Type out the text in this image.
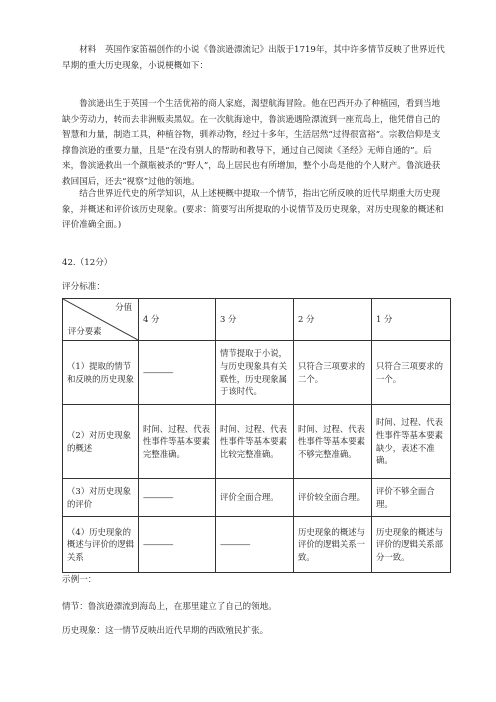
材料　英国作家笛福创作的小说《鲁滨逊漂流记》出版于1719年，其中许多情节反映了世界近代早期的重大历史现象，小说梗概如下：

鲁滨逊出生于英国一个生活优裕的商人家庭，渴望航海冒险。他在巴西开办了种植园，看到当地缺少劳动力，转而去非洲贩卖黑奴。在一次航海途中，鲁滨逊遇险漂流到一座荒岛上，他凭借自己的智慧和力量，制造工具，种植谷物，驯养动物，经过十多年，生活居然“过得很富裕”。宗教信仰是支撑鲁滨逊的重要力量，且是“在没有别人的帮助和教导下，通过自己阅读《圣经》无师自通的”。后来，鲁滨逊救出一个颜瓶被杀的“野人”，岛上居民也有所增加，整个小岛是他的个人财产。鲁滨逊获救回国后，还去“视察”过他的领地。

结合世界近代史的所学知识，从上述梗概中提取一个情节，指出它所反映的近代早期重大历史现象，并概述和评价该历史现象。(要求：简要写出所提取的小说情节及历史现象，对历史现象的概述和评价准确全面。)

42.（12分）
评分标准：
分值
评分要素	4 分	3 分	2 分	1 分
（1）提取的情节和反映的历史现象	————	情节提取于小说，与历史现象具有关联性，历史现象属于该时代。	只符合三项要求的二个。	只符合三项要求的一个。
（2）对历史现象的概述	时间、过程、代表性事件等基本要素完整准确。	时间、过程、代表性事件等基本要素比较完整准确。	时间、过程、代表性事件等基本要素不够完整准确。	时间、过程、代表性事件等基本要素缺少，表述不准确。
（3）对历史现象的评价	————	评价全面合理。	评价较全面合理。	评价不够全面合理。
（4）历史现象的概述与评价的逻辑关系	————	————	历史现象的概述与评价的逻辑关系一致。	历史现象的概述与评价的逻辑关系部分一致。
示例一：
情节：鲁滨逊漂流到海岛上，在那里建立了自己的领地。
历史现象：这一情节反映出近代早期的西欧殖民扩张。
